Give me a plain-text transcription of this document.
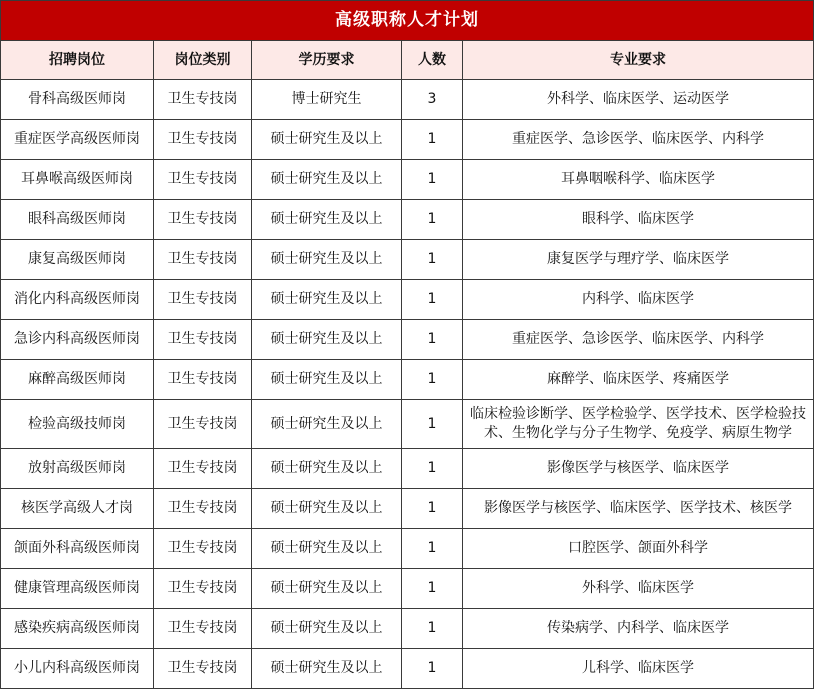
高级职称人才计划				
招聘岗位	岗位类别	学历要求	人数	专业要求
骨科高级医师岗	卫生专技岗	博士研究生	3	外科学、临床医学、运动医学
重症医学高级医师岗	卫生专技岗	硕士研究生及以上	1	重症医学、急诊医学、临床医学、内科学
耳鼻喉高级医师岗	卫生专技岗	硕士研究生及以上	1	耳鼻咽喉科学、临床医学
眼科高级医师岗	卫生专技岗	硕士研究生及以上	1	眼科学、临床医学
康复高级医师岗	卫生专技岗	硕士研究生及以上	1	康复医学与理疗学、临床医学
消化内科高级医师岗	卫生专技岗	硕士研究生及以上	1	内科学、临床医学
急诊内科高级医师岗	卫生专技岗	硕士研究生及以上	1	重症医学、急诊医学、临床医学、内科学
麻醉高级医师岗	卫生专技岗	硕士研究生及以上	1	麻醉学、临床医学、疼痛医学
检验高级技师岗	卫生专技岗	硕士研究生及以上	1	临床检验诊断学、医学检验学、医学技术、医学检验技术、生物化学与分子生物学、免疫学、病原生物学
放射高级医师岗	卫生专技岗	硕士研究生及以上	1	影像医学与核医学、临床医学
核医学高级人才岗	卫生专技岗	硕士研究生及以上	1	影像医学与核医学、临床医学、医学技术、核医学
颌面外科高级医师岗	卫生专技岗	硕士研究生及以上	1	口腔医学、颌面外科学
健康管理高级医师岗	卫生专技岗	硕士研究生及以上	1	外科学、临床医学
感染疾病高级医师岗	卫生专技岗	硕士研究生及以上	1	传染病学、内科学、临床医学
小儿内科高级医师岗	卫生专技岗	硕士研究生及以上	1	儿科学、临床医学
